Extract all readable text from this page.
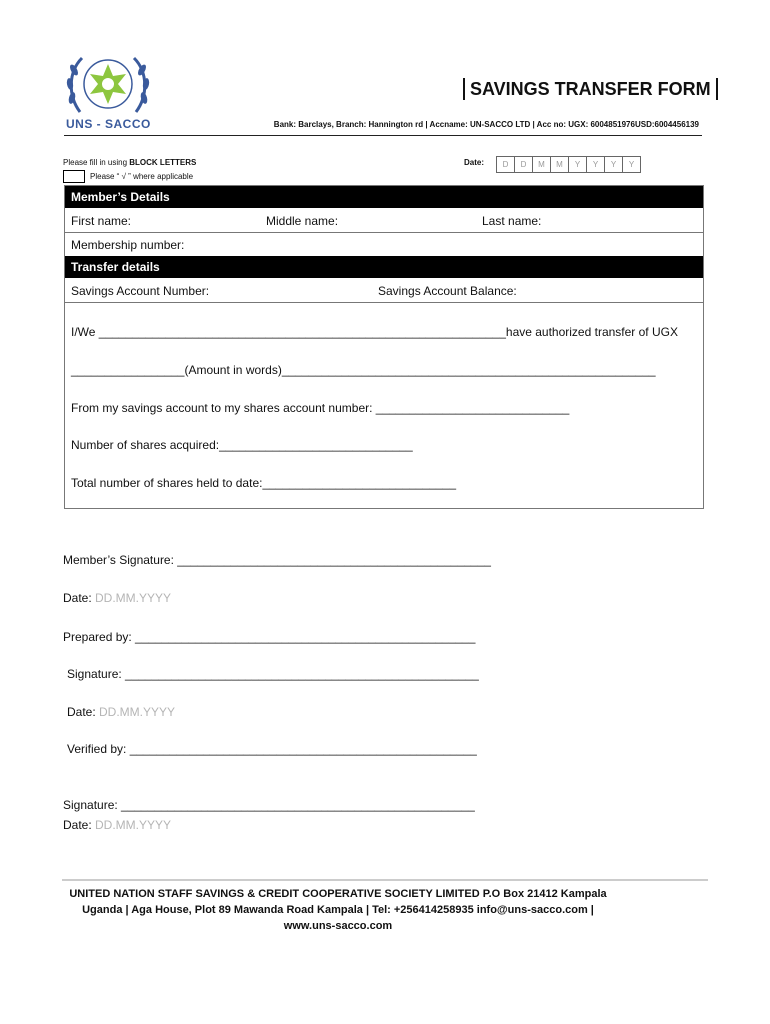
UNS - SACCO
SAVINGS TRANSFER FORM
Bank: Barclays, Branch: Hannington rd | Accname: UN-SACCO LTD | Acc no: UGX: 6004851976USD:6004456139
Please fill in using BLOCK LETTERS
Please “ √ ” where applicable
Date:	D	D	M	M	Y	Y	Y	Y
Member’s Details
First name:	Middle name:	Last name:
Membership number:
Transfer details
Savings Account Number:	Savings Account Balance:
I/We _____________________________________________________________have authorized transfer of UGX
_________________(Amount in words)________________________________________________________
From my savings account to my shares account number: _____________________________
Number of shares acquired:_____________________________
Total number of shares held to date:_____________________________
Member’s Signature: _______________________________________________
Date: DD.MM.YYYY
Prepared by: ___________________________________________________
Signature: _____________________________________________________
Date: DD.MM.YYYY
Verified by: ____________________________________________________
Signature: _____________________________________________________
Date: DD.MM.YYYY
UNITED NATION STAFF SAVINGS & CREDIT COOPERATIVE SOCIETY LIMITED P.O Box 21412 Kampala
Uganda | Aga House, Plot 89 Mawanda Road Kampala | Tel: +256414258935 info@uns-sacco.com |
www.uns-sacco.com
